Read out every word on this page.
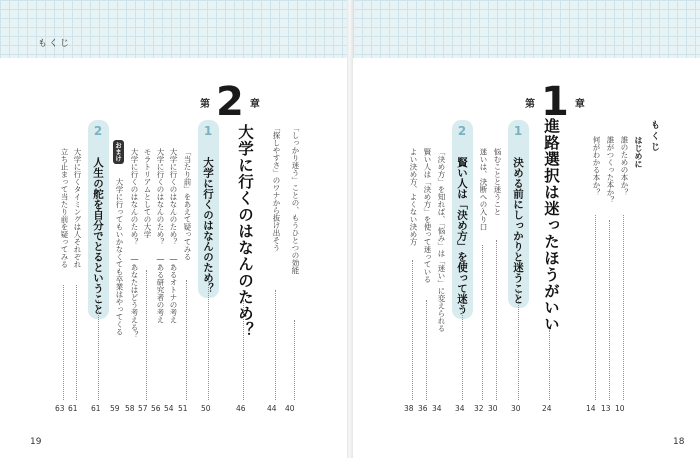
もくじ
第 2 章
「しっかり迷う」ことの、もうひとつの効能
40
「探しやすさ」のワナから抜け出そう
44
大学に行くのはなんのため？
46
1 大学に行くのはなんのため？
50
「当たり前」をあえて疑ってみる
51
大学に行くのはなんのため？ ―あるオトナの考え
54
大学に行くのはなんのため？ ―ある研究者の考え
56
モラトリアムとしての大学
57
大学に行くのはなんのため？ ―あなたはどう考える？
58
おまけ
大学に行ってもいかなくても卒業はやってくる
59
2 人生の舵を自分でとるということ
61
大学に行くタイミングは人それぞれ
61
立ち止まって当たり前を疑ってみる
63
19
第 1 章
もくじ
はじめに
誰のための本か？
10
誰がつくった本か？
13
何がわかる本か？
14
進路選択は迷ったほうがいい
24
1 決める前にしっかりと迷うこと
30
悩むことと迷うこと
30
迷いは、決断への入り口
32
2 賢い人は「決め方」を使って迷う
34
「決め方」を知れば、「悩み」は「迷い」に変えられる
34
賢い人は「決め方」を使って迷っている
36
よい決め方、よくない決め方
38
18
